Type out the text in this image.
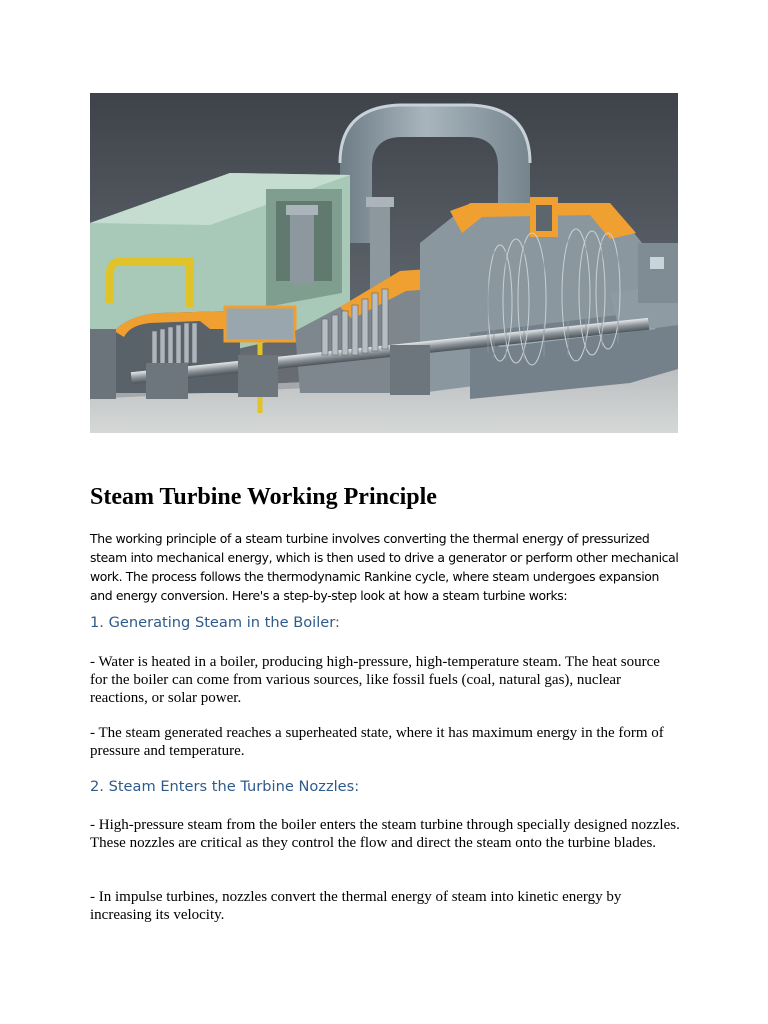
Steam Turbine Working Principle

The working principle of a steam turbine involves converting the thermal energy of pressurized steam into mechanical energy, which is then used to drive a generator or perform other mechanical work. The process follows the thermodynamic Rankine cycle, where steam undergoes expansion and energy conversion. Here's a step-by-step look at how a steam turbine works:

1. Generating Steam in the Boiler:

- Water is heated in a boiler, producing high-pressure, high-temperature steam. The heat source for the boiler can come from various sources, like fossil fuels (coal, natural gas), nuclear reactions, or solar power.

- The steam generated reaches a superheated state, where it has maximum energy in the form of pressure and temperature.

2. Steam Enters the Turbine Nozzles:

- High-pressure steam from the boiler enters the steam turbine through specially designed nozzles. These nozzles are critical as they control the flow and direct the steam onto the turbine blades.

- In impulse turbines, nozzles convert the thermal energy of steam into kinetic energy by increasing its velocity.
